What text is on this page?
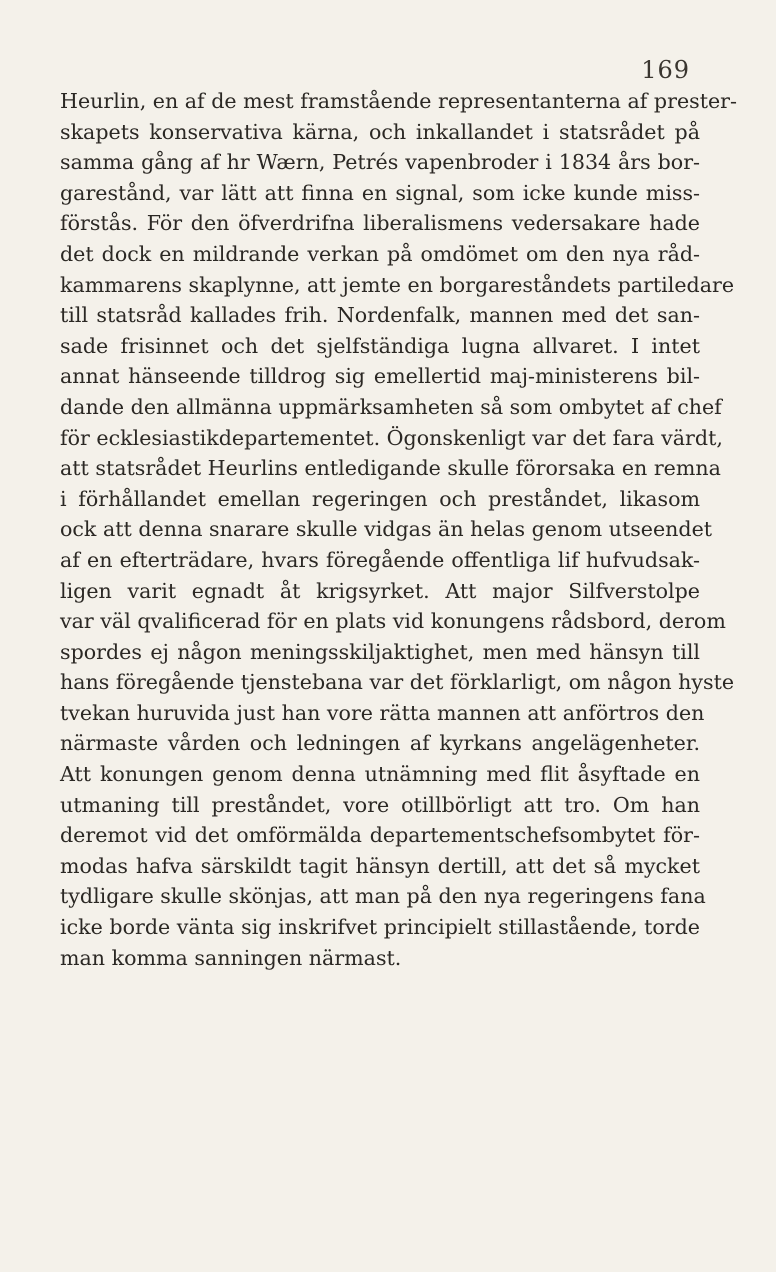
169
Heurlin, en af de mest framstående representanterna af prester-
skapets konservativa kärna, och inkallandet i statsrådet på
samma gång af hr Wærn, Petrés vapenbroder i 1834 års bor-
garestånd, var lätt att finna en signal, som icke kunde miss-
förstås. För den öfverdrifna liberalismens vedersakare hade
det dock en mildrande verkan på omdömet om den nya råd-
kammarens skaplynne, att jemte en borgareståndets partiledare
till statsråd kallades frih. Nordenfalk, mannen med det san-
sade frisinnet och det sjelfständiga lugna allvaret. I intet
annat hänseende tilldrog sig emellertid maj-ministerens bil-
dande den allmänna uppmärksamheten så som ombytet af chef
för ecklesiastikdepartementet. Ögonskenligt var det fara värdt,
att statsrådet Heurlins entledigande skulle förorsaka en remna
i förhållandet emellan regeringen och preståndet, likasom
ock att denna snarare skulle vidgas än helas genom utseendet
af en efterträdare, hvars föregående offentliga lif hufvudsak-
ligen varit egnadt åt krigsyrket. Att major Silfverstolpe
var väl qvalificerad för en plats vid konungens rådsbord, derom
spordes ej någon meningsskiljaktighet, men med hänsyn till
hans föregående tjenstebana var det förklarligt, om någon hyste
tvekan huruvida just han vore rätta mannen att anförtros den
närmaste vården och ledningen af kyrkans angelägenheter.
Att konungen genom denna utnämning med flit åsyftade en
utmaning till preståndet, vore otillbörligt att tro. Om han
deremot vid det omförmälda departementschefsombytet för-
modas hafva särskildt tagit hänsyn dertill, att det så mycket
tydligare skulle skönjas, att man på den nya regeringens fana
icke borde vänta sig inskrifvet principielt stillastående, torde
man komma sanningen närmast.
